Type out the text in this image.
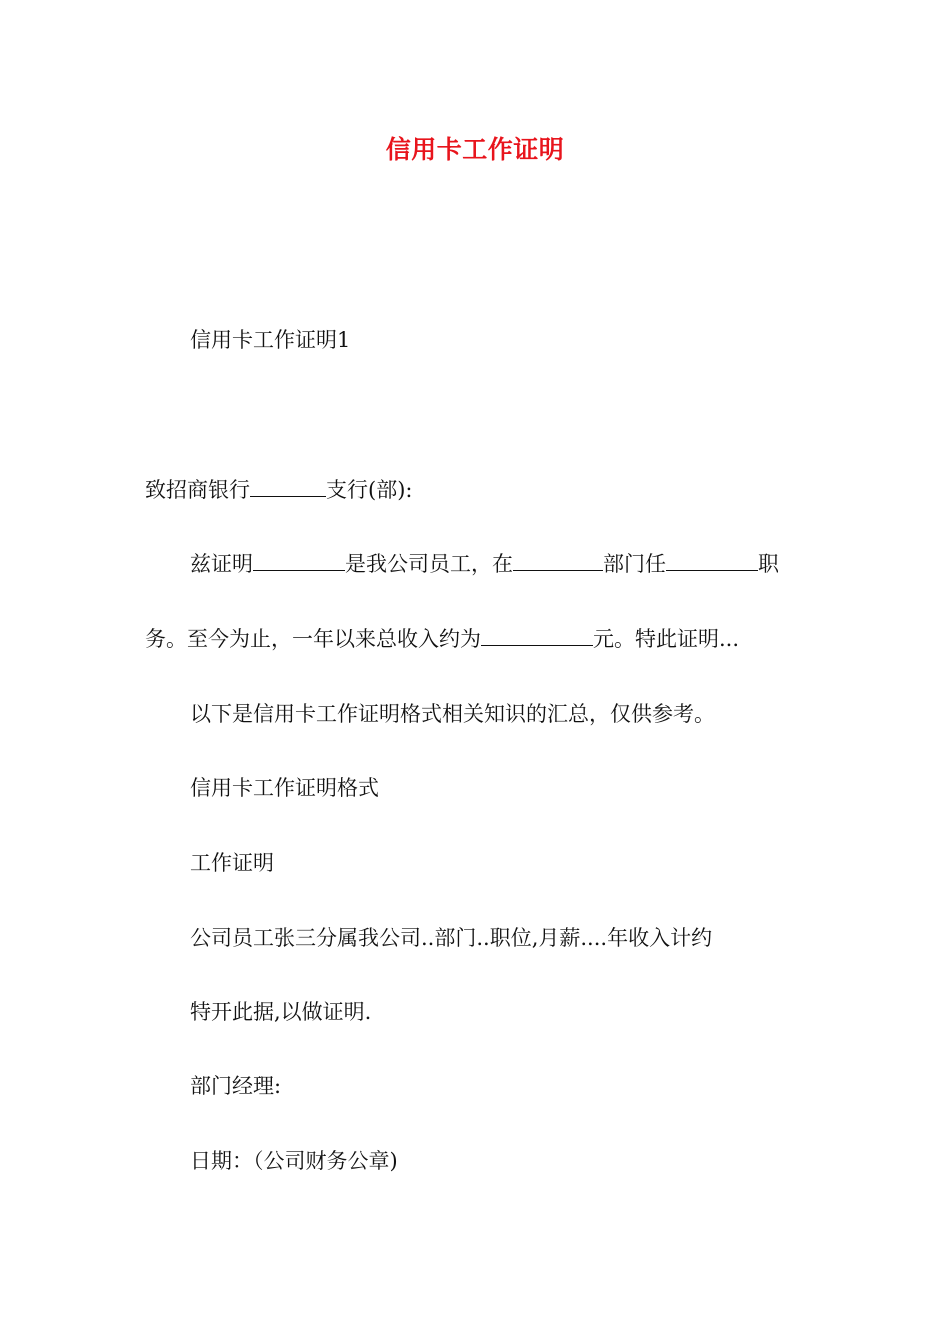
信用卡工作证明
信用卡工作证明1
致招商银行	支行(部):
兹证明	是我公司员工，在	部门任	职
务。至今为止，一年以来总收入约为	元。特此证明...
以下是信用卡工作证明格式相关知识的汇总，仅供参考。
信用卡工作证明格式
工作证明
公司员工张三分属我公司..部门..职位,月薪....年收入计约
特开此据,以做证明.
部门经理:
日期：（公司财务公章)
